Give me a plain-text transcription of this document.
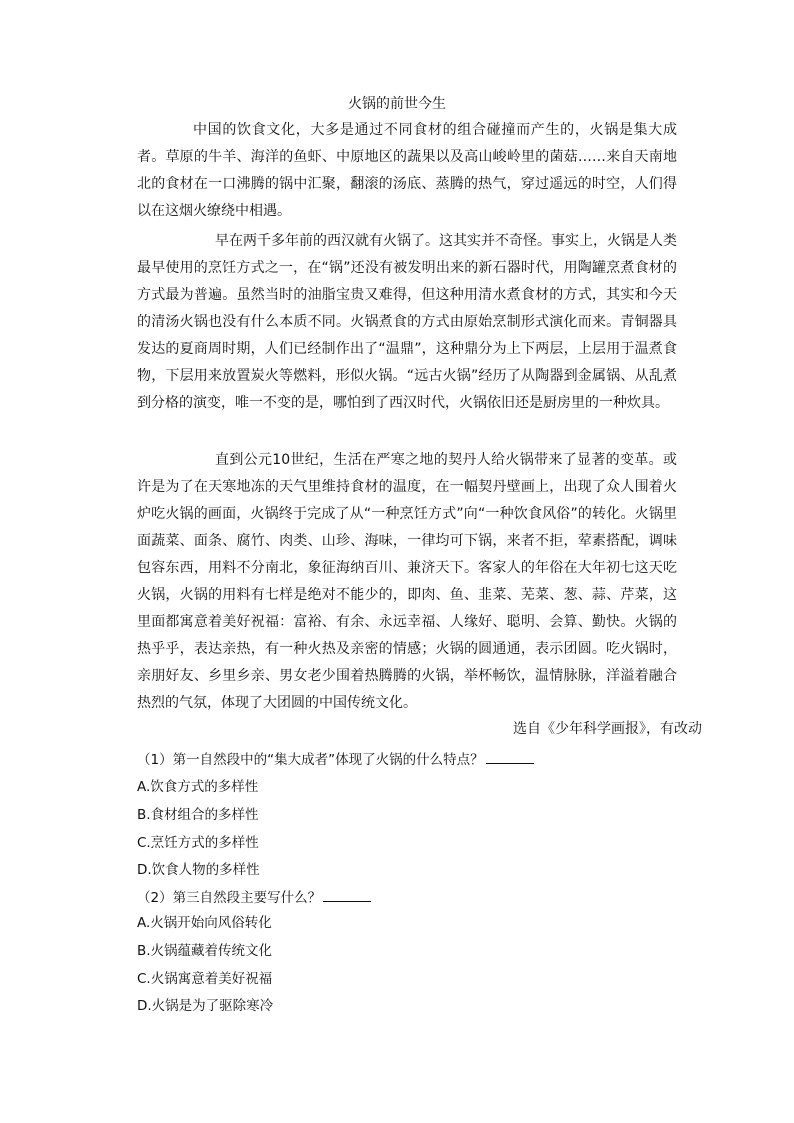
火锅的前世今生

中国的饮食文化，大多是通过不同食材的组合碰撞而产生的，火锅是集大成者。草原的牛羊、海洋的鱼虾、中原地区的蔬果以及高山峻岭里的菌菇……来自天南地北的食材在一口沸腾的锅中汇聚，翻滚的汤底、蒸腾的热气，穿过遥远的时空，人们得以在这烟火缭绕中相遇。

早在两千多年前的西汉就有火锅了。这其实并不奇怪。事实上，火锅是人类最早使用的烹饪方式之一，在“锅”还没有被发明出来的新石器时代，用陶罐烹煮食材的方式最为普遍。虽然当时的油脂宝贵又难得，但这种用清水煮食材的方式，其实和今天的清汤火锅也没有什么本质不同。火锅煮食的方式由原始烹制形式演化而来。青铜器具发达的夏商周时期，人们已经制作出了“温鼎”，这种鼎分为上下两层，上层用于温煮食物，下层用来放置炭火等燃料，形似火锅。“远古火锅”经历了从陶器到金属锅、从乱煮到分格的演变，唯一不变的是，哪怕到了西汉时代，火锅依旧还是厨房里的一种炊具。

直到公元10世纪，生活在严寒之地的契丹人给火锅带来了显著的变革。或许是为了在天寒地冻的天气里维持食材的温度，在一幅契丹壁画上，出现了众人围着火炉吃火锅的画面，火锅终于完成了从“一种烹饪方式”向“一种饮食风俗”的转化。火锅里面蔬菜、面条、腐竹、肉类、山珍、海味，一律均可下锅，来者不拒，荤素搭配，调味包容东西，用料不分南北，象征海纳百川、兼济天下。客家人的年俗在大年初七这天吃火锅，火锅的用料有七样是绝对不能少的，即肉、鱼、韭菜、芜菜、葱、蒜、芹菜，这里面都寓意着美好祝福：富裕、有余、永远幸福、人缘好、聪明、会算、勤快。火锅的热乎乎，表达亲热，有一种火热及亲密的情感；火锅的圆通通，表示团圆。吃火锅时，亲朋好友、乡里乡亲、男女老少围着热腾腾的火锅，举杯畅饮，温情脉脉，洋溢着融合热烈的气氛，体现了大团圆的中国传统文化。

选自《少年科学画报》，有改动
（1）第一自然段中的“集大成者”体现了火锅的什么特点？
A.饮食方式的多样性
B.食材组合的多样性
C.烹饪方式的多样性
D.饮食人物的多样性
（2）第三自然段主要写什么？
A.火锅开始向风俗转化
B.火锅蕴藏着传统文化
C.火锅寓意着美好祝福
D.火锅是为了驱除寒冷
